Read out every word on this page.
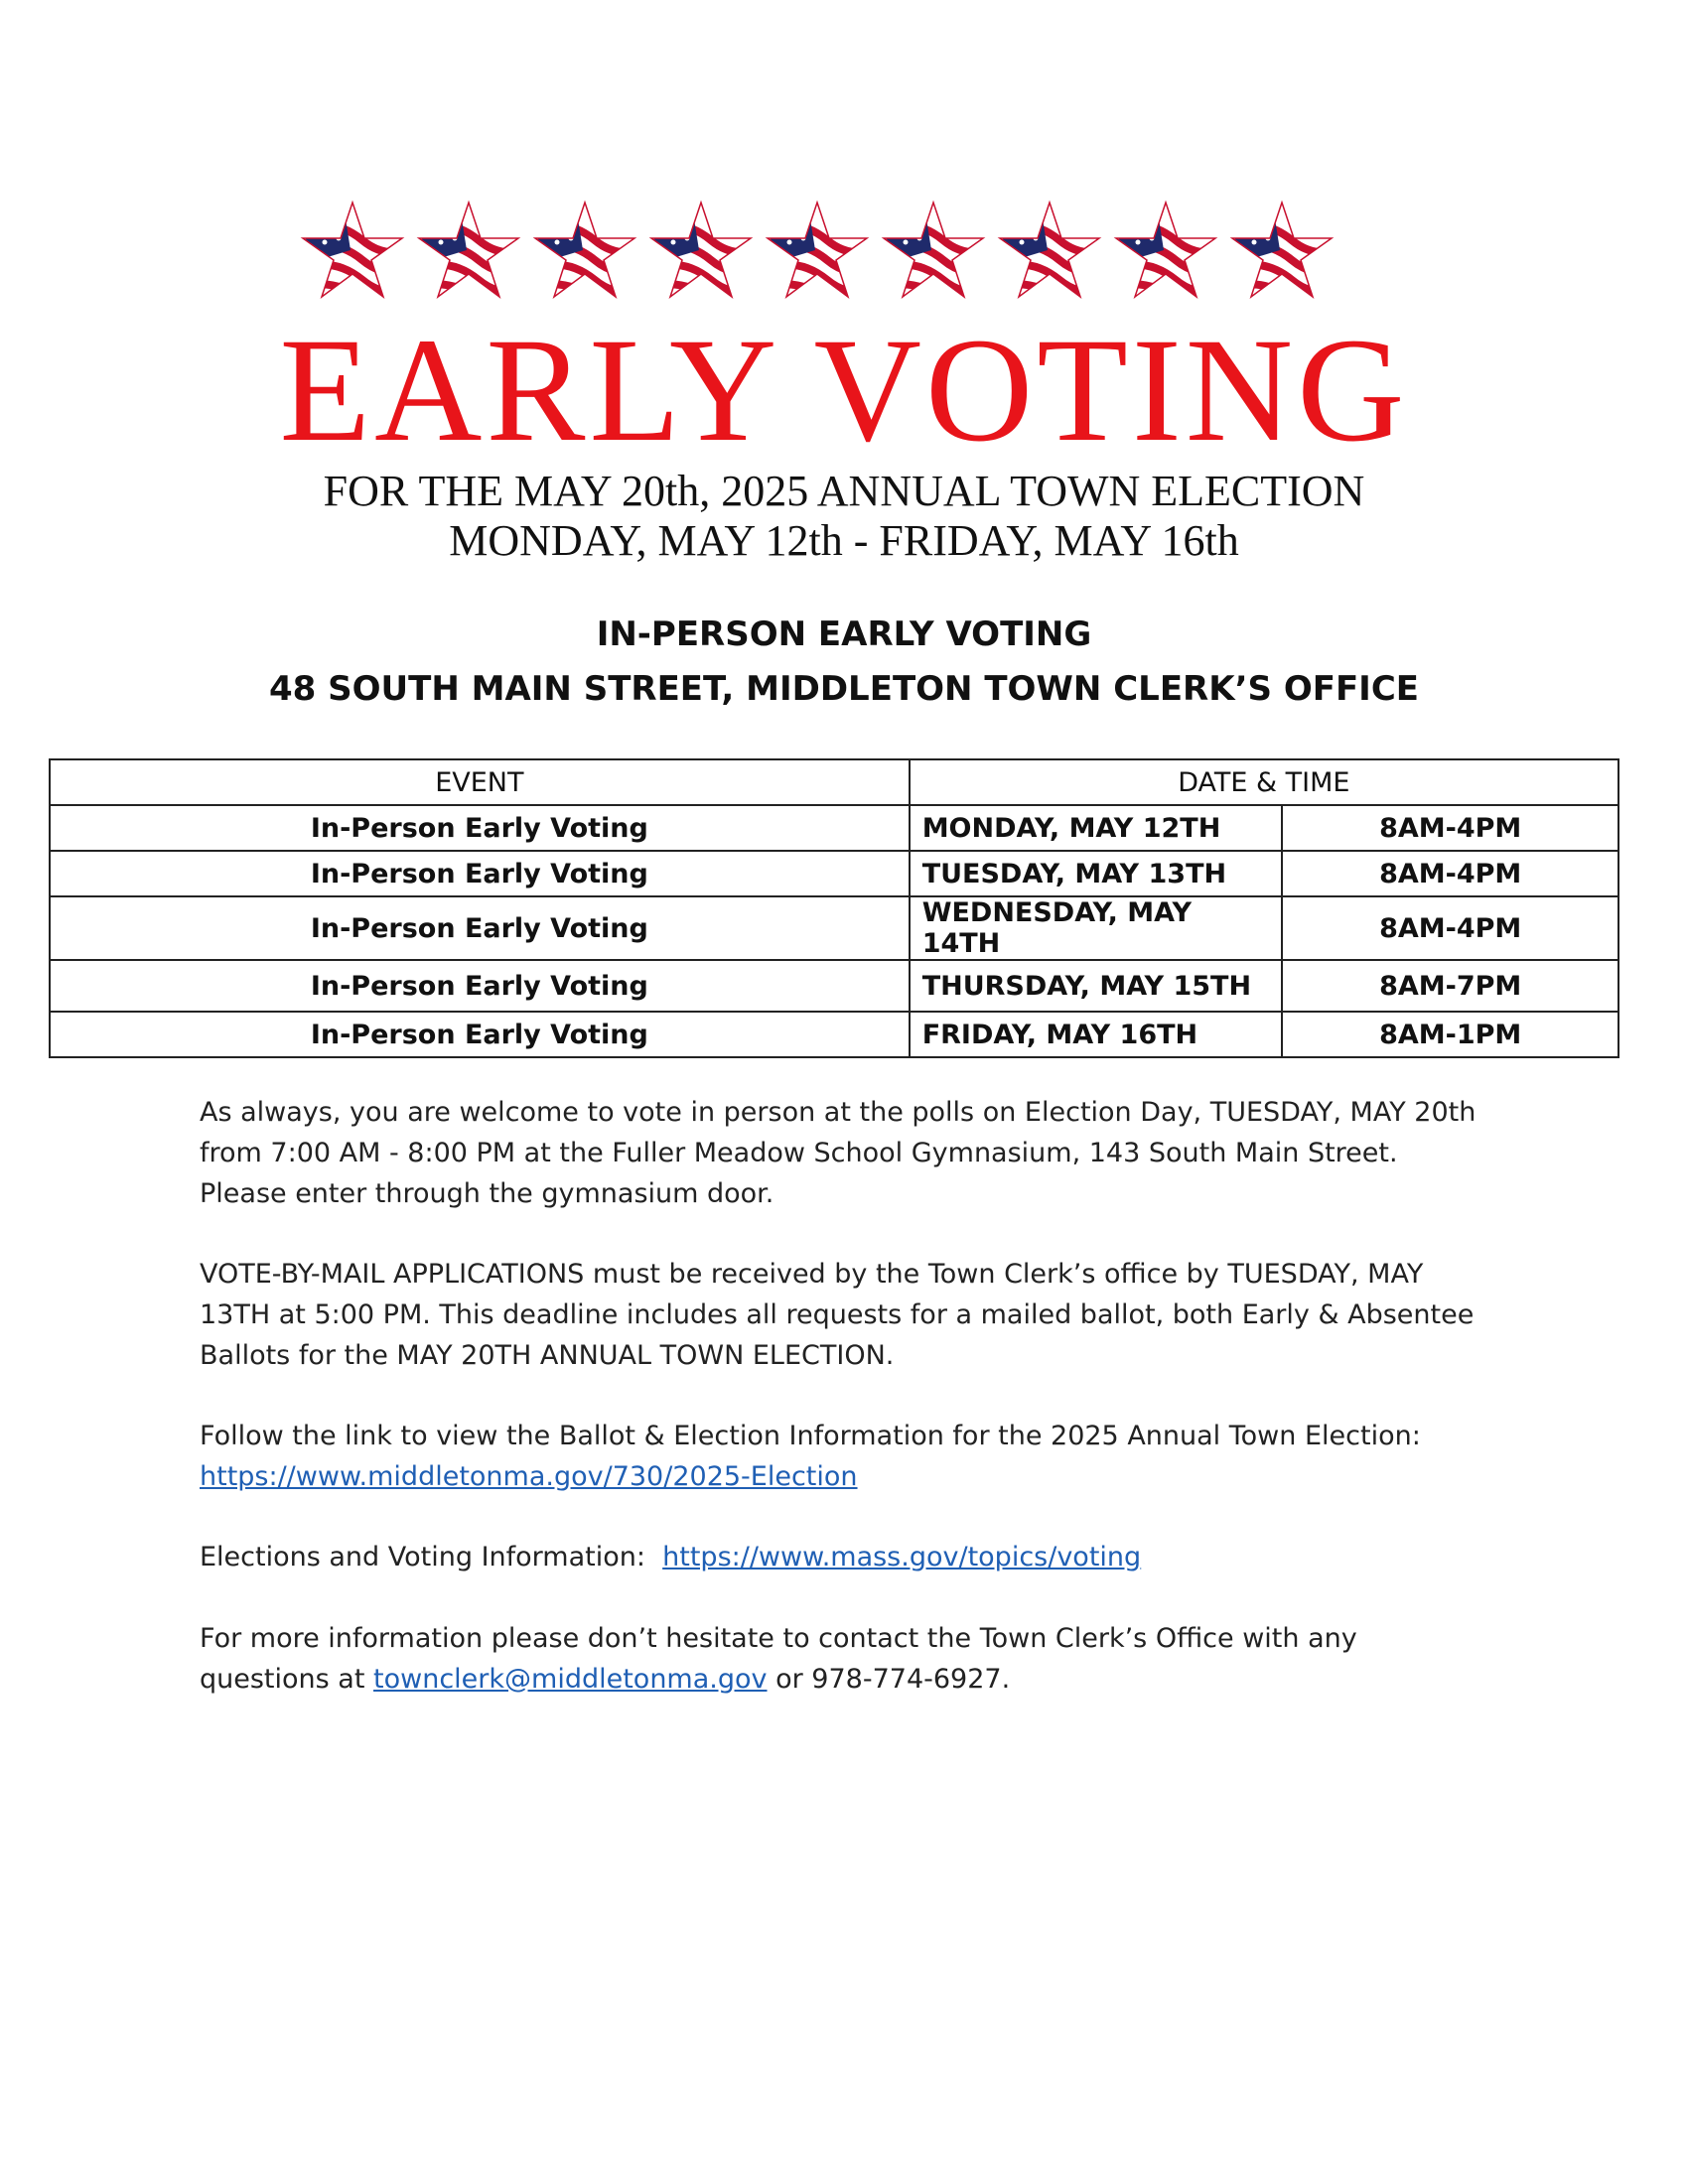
EARLY VOTING
FOR THE MAY 20th, 2025 ANNUAL TOWN ELECTION
MONDAY, MAY 12th - FRIDAY, MAY 16th
IN-PERSON EARLY VOTING
48 SOUTH MAIN STREET, MIDDLETON TOWN CLERK’S OFFICE
EVENT	DATE & TIME	
In-Person Early Voting	MONDAY, MAY 12TH	8AM-4PM
In-Person Early Voting	TUESDAY, MAY 13TH	8AM-4PM
In-Person Early Voting	WEDNESDAY, MAY 14TH	8AM-4PM
In-Person Early Voting	THURSDAY, MAY 15TH	8AM-7PM
In-Person Early Voting	FRIDAY, MAY 16TH	8AM-1PM

As always, you are welcome to vote in person at the polls on Election Day, TUESDAY, MAY 20th

from 7:00 AM - 8:00 PM at the Fuller Meadow School Gymnasium, 143 South Main Street.

Please enter through the gymnasium door.

VOTE-BY-MAIL APPLICATIONS must be received by the Town Clerk’s office by TUESDAY, MAY

13TH at 5:00 PM. This deadline includes all requests for a mailed ballot, both Early & Absentee

Ballots for the MAY 20TH ANNUAL TOWN ELECTION.

Follow the link to view the Ballot & Election Information for the 2025 Annual Town Election:

https://www.middletonma.gov/730/2025-Election

Elections and Voting Information: https://www.mass.gov/topics/voting

For more information please don’t hesitate to contact the Town Clerk’s Office with any

questions at townclerk@middletonma.gov or 978-774-6927.
